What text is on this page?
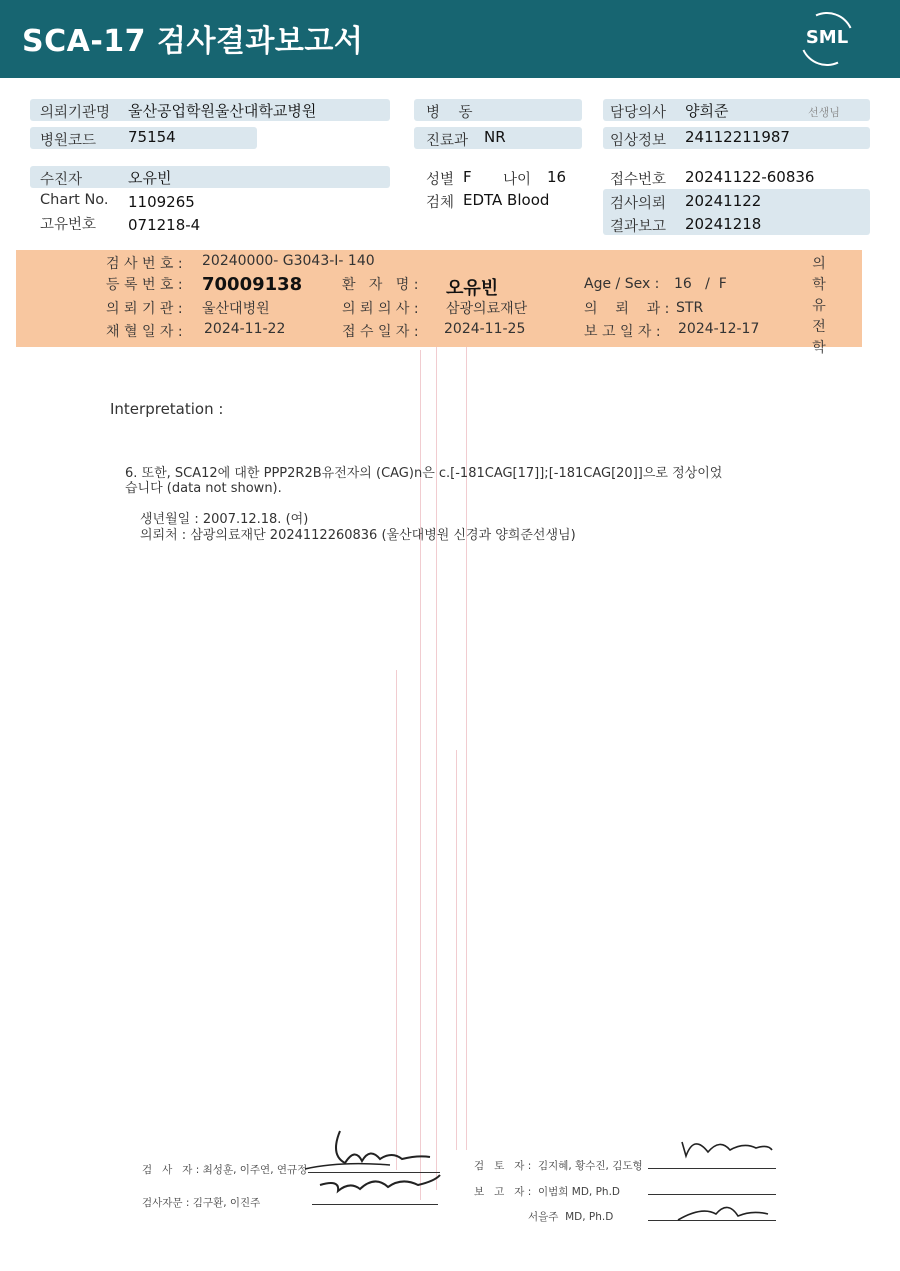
SCA-17 검사결과보고서	SML
의뢰기관명 울산공업학원울산대학교병원
병원코드 75154
병    동
진료과 NR
담당의사 양희준	선생님
임상정보 24112211987
수진자	오유빈
Chart No. 1109265
고유번호 071218-4
성별 F 나이 16
검체 EDTA Blood
접수번호 20241122-60836
검사의뢰 20241122
결과보고 20241218
검 사 번 호 : 20240000- G3043-I- 140
등 록 번 호 : 70009138	환   자   명 : 오유빈	Age / Sex : 16   /  F
의 뢰 기 관 : 울산대병원	의 뢰 의 사 : 삼광의료재단	의    뢰    과 : STR
채 혈 일 자 : 2024-11-22	접 수 일 자 : 2024-11-25	보 고 일 자 : 2024-12-17
의학유전학
Interpretation :
6. 또한, SCA12에 대한 PPP2R2B유전자의 (CAG)n은 c.[-181CAG[17]];[-181CAG[20]]으로 정상이었
습니다 (data not shown).
생년월일 : 2007.12.18. (여)
의뢰처 : 삼광의료재단 2024112260836 (울산대병원 신경과 양희준선생님)
검   사   자 : 최성훈, 이주연, 연규정
검사자문 : 김구환, 이진주
검   토   자 :  김지혜, 황수진, 김도형
보   고   자 :  이범희 MD, Ph.D
서을주  MD, Ph.D
